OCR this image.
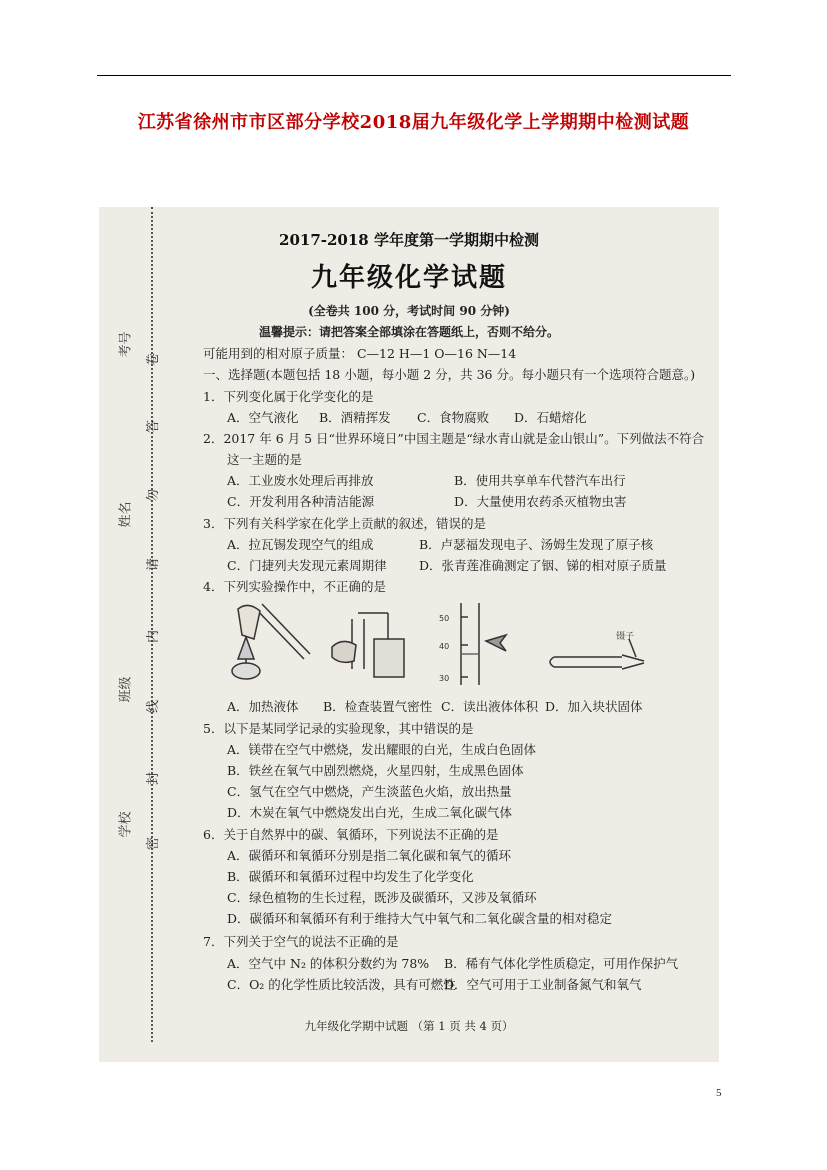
江苏省徐州市市区部分学校2018届九年级化学上学期期中检测试题
考号
姓名
班级
学校
卷
答
勿
请
内
线
封
密
2017-2018 学年度第一学期期中检测
九年级化学试题
(全卷共 100 分，考试时间 90 分钟)
温馨提示：请把答案全部填涂在答题纸上，否则不给分。
可能用到的相对原子质量： C—12 H—1 O—16 N—14
一、选择题(本题包括 18 小题，每小题 2 分，共 36 分。每小题只有一个选项符合题意。)
1．下列变化属于化学变化的是
A．空气液化 B．酒精挥发 C．食物腐败 D．石蜡熔化
2．2017 年 6 月 5 日“世界环境日”中国主题是“绿水青山就是金山银山”。下列做法不符合
这一主题的是
A．工业废水处理后再排放	B．使用共享单车代替汽车出行
C．开发利用各种清洁能源	D．大量使用农药杀灭植物虫害
3．下列有关科学家在化学上贡献的叙述，错误的是
A．拉瓦锡发现空气的组成	B．卢瑟福发现电子、汤姆生发现了原子核
C．门捷列夫发现元素周期律	D．张青莲准确测定了铟、锑的相对原子质量
4．下列实验操作中，不正确的是
50
40
30
镊子
A．加热液体 B．检查装置气密性 C．读出液体体积 D．加入块状固体
5．以下是某同学记录的实验现象，其中错误的是
A．镁带在空气中燃烧，发出耀眼的白光，生成白色固体
B．铁丝在氧气中剧烈燃烧，火星四射，生成黑色固体
C．氢气在空气中燃烧，产生淡蓝色火焰，放出热量
D．木炭在氧气中燃烧发出白光，生成二氧化碳气体
6．关于自然界中的碳、氧循环，下列说法不正确的是
A．碳循环和氧循环分别是指二氧化碳和氧气的循环
B．碳循环和氧循环过程中均发生了化学变化
C．绿色植物的生长过程，既涉及碳循环，又涉及氧循环
D．碳循环和氧循环有利于维持大气中氧气和二氧化碳含量的相对稳定
7．下列关于空气的说法不正确的是
A．空气中 N₂ 的体积分数约为 78% B．稀有气体化学性质稳定，可用作保护气
C．O₂ 的化学性质比较活泼，具有可燃性
D．空气可用于工业制备氮气和氧气
九年级化学期中试题 （第 1 页 共 4 页）
5
